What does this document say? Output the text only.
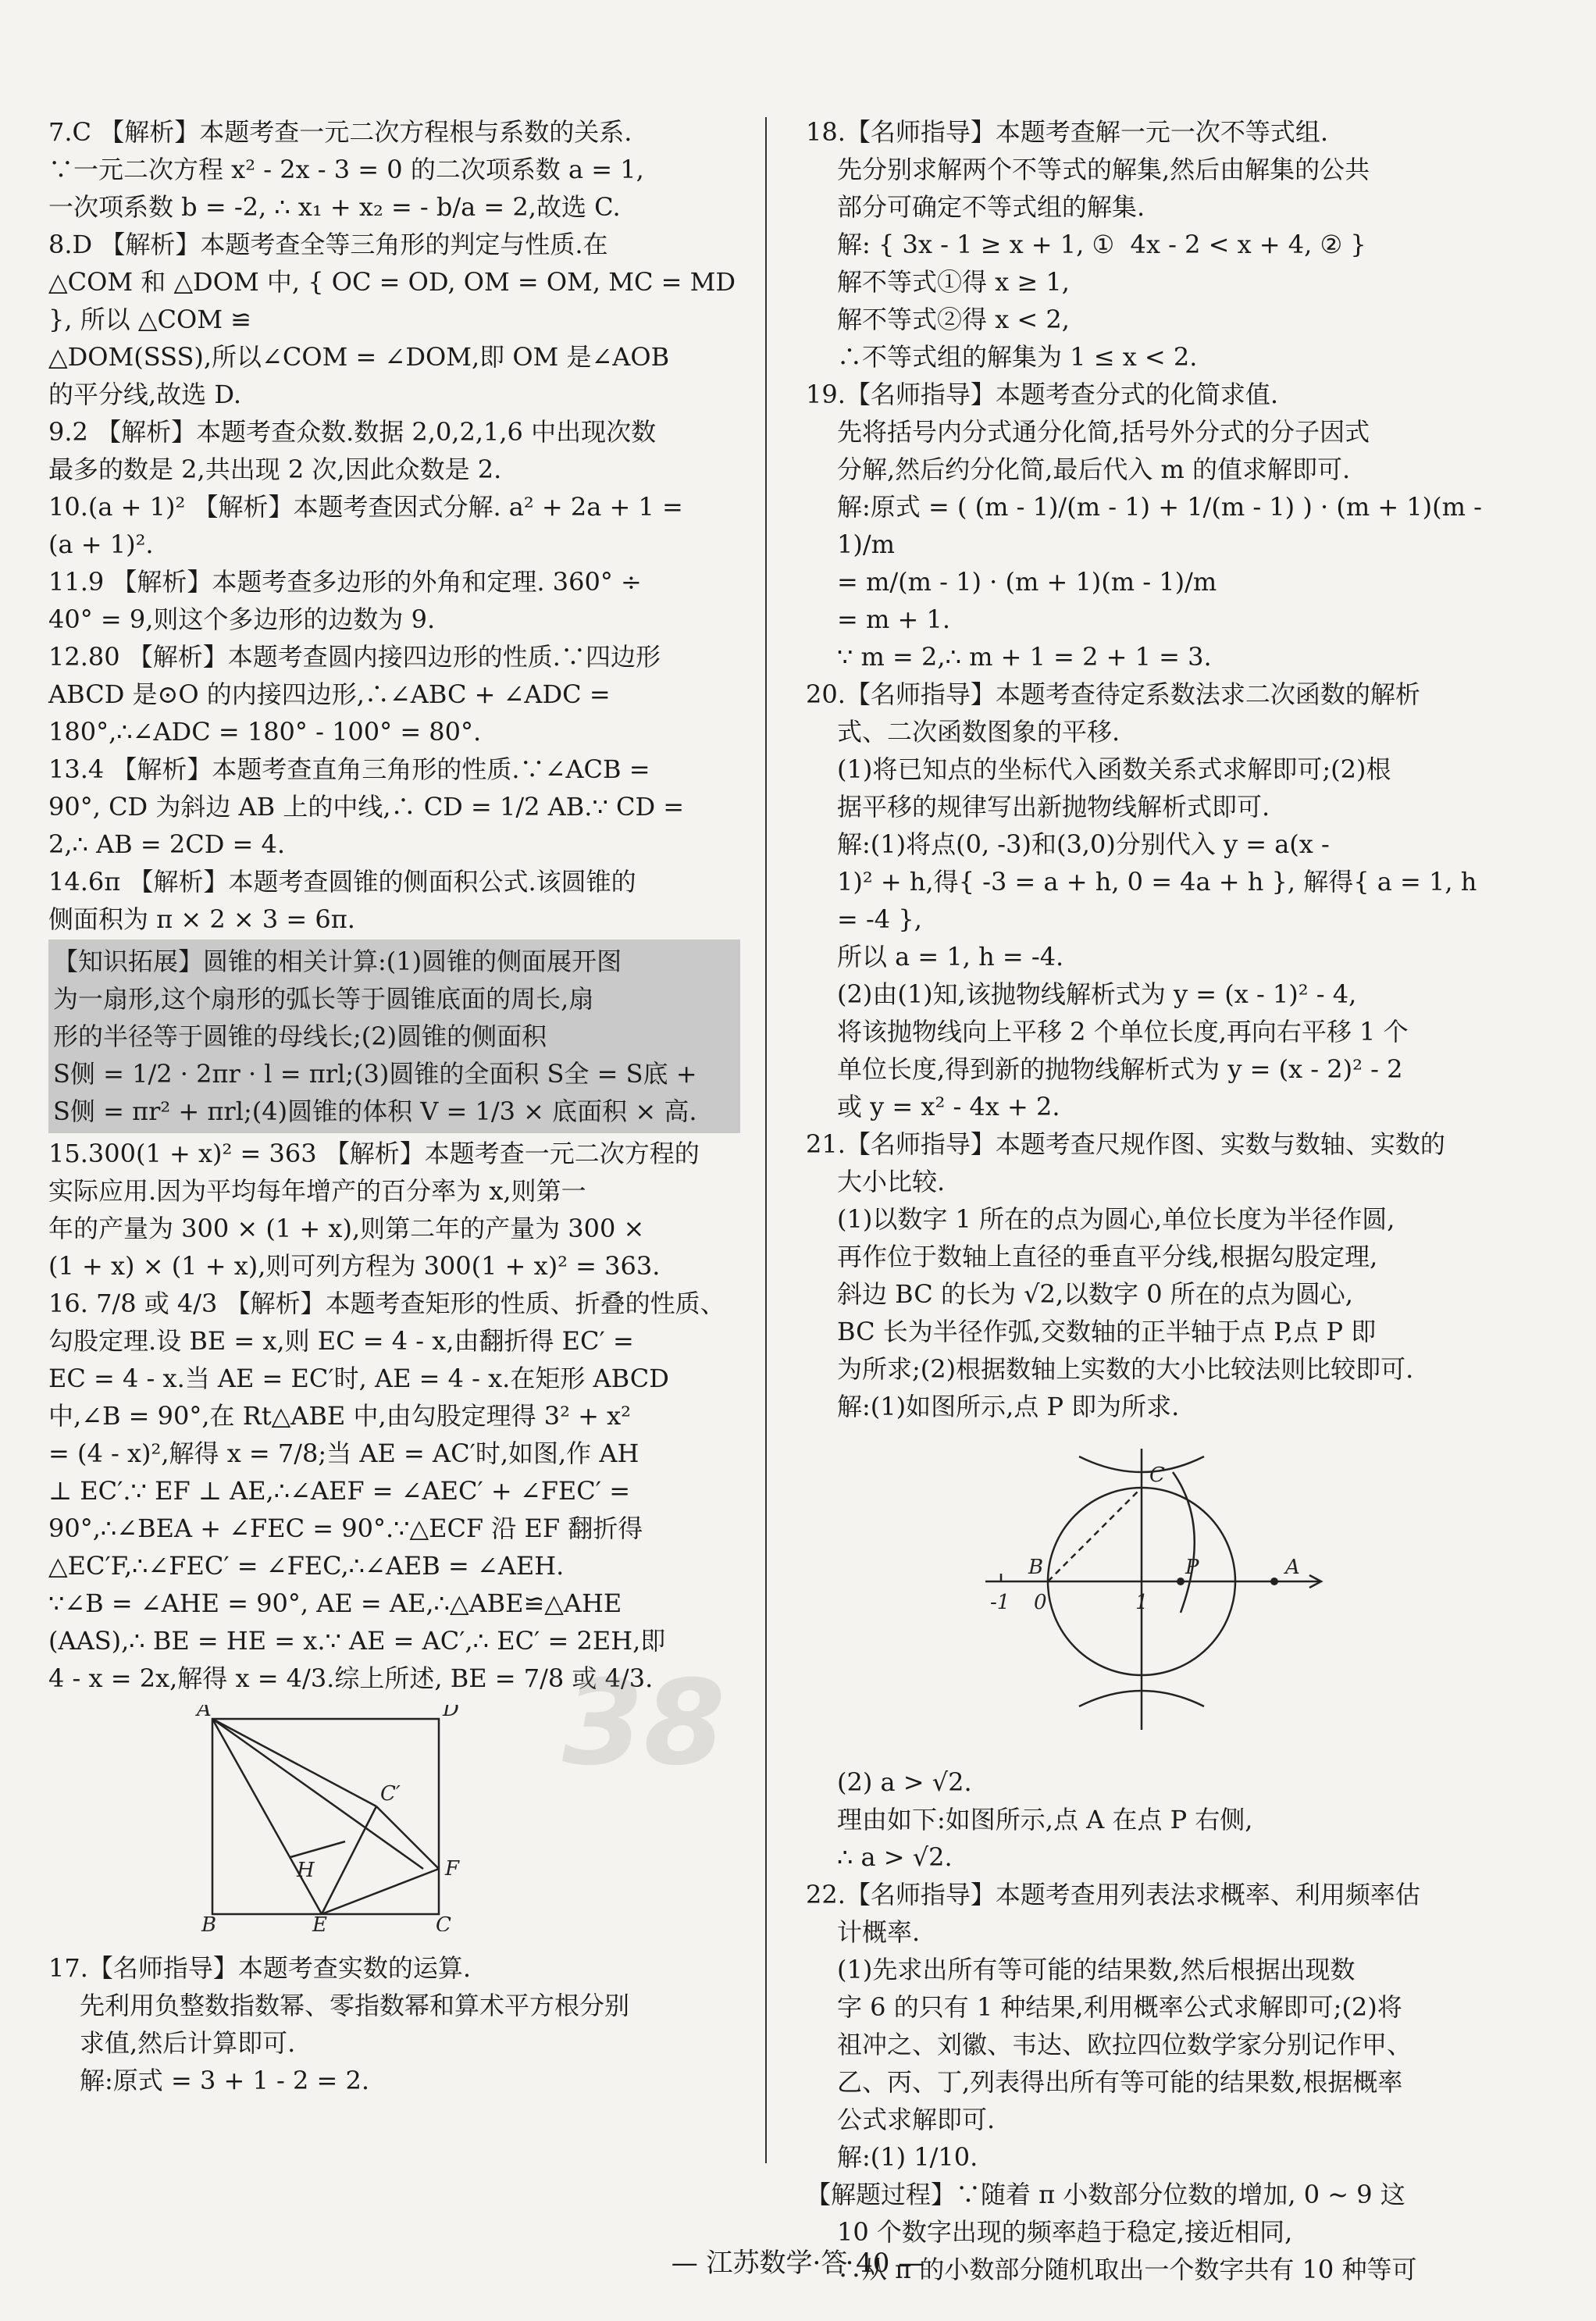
7.C 【解析】本题考查一元二次方程根与系数的关系.

∵一元二次方程 x² - 2x - 3 = 0 的二次项系数 a = 1,

一次项系数 b = -2, ∴ x₁ + x₂ = - b/a = 2,故选 C.

8.D 【解析】本题考查全等三角形的判定与性质.在

△COM 和 △DOM 中, { OC = OD, OM = OM, MC = MD }, 所以 △COM ≌

△DOM(SSS),所以∠COM = ∠DOM,即 OM 是∠AOB

的平分线,故选 D.

9.2 【解析】本题考查众数.数据 2,0,2,1,6 中出现次数

最多的数是 2,共出现 2 次,因此众数是 2.

10.(a + 1)² 【解析】本题考查因式分解. a² + 2a + 1 =

(a + 1)².

11.9 【解析】本题考查多边形的外角和定理. 360° ÷

40° = 9,则这个多边形的边数为 9.

12.80 【解析】本题考查圆内接四边形的性质.∵四边形

ABCD 是⊙O 的内接四边形,∴∠ABC + ∠ADC =

180°,∴∠ADC = 180° - 100° = 80°.

13.4 【解析】本题考查直角三角形的性质.∵∠ACB =

90°, CD 为斜边 AB 上的中线,∴ CD = 1/2 AB.∵ CD =

2,∴ AB = 2CD = 4.

14.6π 【解析】本题考查圆锥的侧面积公式.该圆锥的

侧面积为 π × 2 × 3 = 6π.

【知识拓展】圆锥的相关计算:(1)圆锥的侧面展开图

为一扇形,这个扇形的弧长等于圆锥底面的周长,扇

形的半径等于圆锥的母线长;(2)圆锥的侧面积

S侧 = 1/2 · 2πr · l = πrl;(3)圆锥的全面积 S全 = S底 +

S侧 = πr² + πrl;(4)圆锥的体积 V = 1/3 × 底面积 × 高.

15.300(1 + x)² = 363 【解析】本题考查一元二次方程的

实际应用.因为平均每年增产的百分率为 x,则第一

年的产量为 300 × (1 + x),则第二年的产量为 300 ×

(1 + x) × (1 + x),则可列方程为 300(1 + x)² = 363.

16. 7/8 或 4/3 【解析】本题考查矩形的性质、折叠的性质、

勾股定理.设 BE = x,则 EC = 4 - x,由翻折得 EC′ =

EC = 4 - x.当 AE = EC′时, AE = 4 - x.在矩形 ABCD

中,∠B = 90°,在 Rt△ABE 中,由勾股定理得 3² + x²

= (4 - x)²,解得 x = 7/8;当 AE = AC′时,如图,作 AH

⊥ EC′.∵ EF ⊥ AE,∴∠AEF = ∠AEC′ + ∠FEC′ =

90°,∴∠BEA + ∠FEC = 90°.∵△ECF 沿 EF 翻折得

△EC′F,∴∠FEC′ = ∠FEC,∴∠AEB = ∠AEH.

∵∠B = ∠AHE = 90°, AE = AE,∴△ABE≌△AHE

(AAS),∴ BE = HE = x.∵ AE = AC′,∴ EC′ = 2EH,即

4 - x = 2x,解得 x = 4/3.综上所述, BE = 7/8 或 4/3.

A	D
C′
F
H
B	E	C

17.【名师指导】本题考查实数的运算.

先利用负整数指数幂、零指数幂和算术平方根分别

求值,然后计算即可.

解:原式 = 3 + 1 - 2 = 2.

18.【名师指导】本题考查解一元一次不等式组.

先分别求解两个不等式的解集,然后由解集的公共

部分可确定不等式组的解集.

解: { 3x - 1 ≥ x + 1, ①  4x - 2 < x + 4, ② }

解不等式①得 x ≥ 1,

解不等式②得 x < 2,

∴不等式组的解集为 1 ≤ x < 2.

19.【名师指导】本题考查分式的化简求值.

先将括号内分式通分化简,括号外分式的分子因式

分解,然后约分化简,最后代入 m 的值求解即可.

解:原式 = ( (m - 1)/(m - 1) + 1/(m - 1) ) · (m + 1)(m - 1)/m

= m/(m - 1) · (m + 1)(m - 1)/m

= m + 1.

∵ m = 2,∴ m + 1 = 2 + 1 = 3.

20.【名师指导】本题考查待定系数法求二次函数的解析

式、二次函数图象的平移.

(1)将已知点的坐标代入函数关系式求解即可;(2)根

据平移的规律写出新抛物线解析式即可.

解:(1)将点(0, -3)和(3,0)分别代入 y = a(x -

1)² + h,得{ -3 = a + h, 0 = 4a + h }, 解得{ a = 1, h = -4 },

所以 a = 1, h = -4.

(2)由(1)知,该抛物线解析式为 y = (x - 1)² - 4,

将该抛物线向上平移 2 个单位长度,再向右平移 1 个

单位长度,得到新的抛物线解析式为 y = (x - 2)² - 2

或 y = x² - 4x + 2.

21.【名师指导】本题考查尺规作图、实数与数轴、实数的

大小比较.

(1)以数字 1 所在的点为圆心,单位长度为半径作圆,

再作位于数轴上直径的垂直平分线,根据勾股定理,

斜边 BC 的长为 √2,以数字 0 所在的点为圆心,

BC 长为半径作弧,交数轴的正半轴于点 P,点 P 即

为所求;(2)根据数轴上实数的大小比较法则比较即可.

解:(1)如图所示,点 P 即为所求.

C
B	P	A
-1 0	1

(2) a > √2.

理由如下:如图所示,点 A 在点 P 右侧,

∴ a > √2.

22.【名师指导】本题考查用列表法求概率、利用频率估

计概率.

(1)先求出所有等可能的结果数,然后根据出现数

字 6 的只有 1 种结果,利用概率公式求解即可;(2)将

祖冲之、刘徽、韦达、欧拉四位数学家分别记作甲、

乙、丙、丁,列表得出所有等可能的结果数,根据概率

公式求解即可.

解:(1) 1/10.

【解题过程】∵随着 π 小数部分位数的增加, 0 ~ 9 这

10 个数字出现的频率趋于稳定,接近相同,

∴从 π 的小数部分随机取出一个数字共有 10 种等可

38
— 江苏数学·答 40 —
